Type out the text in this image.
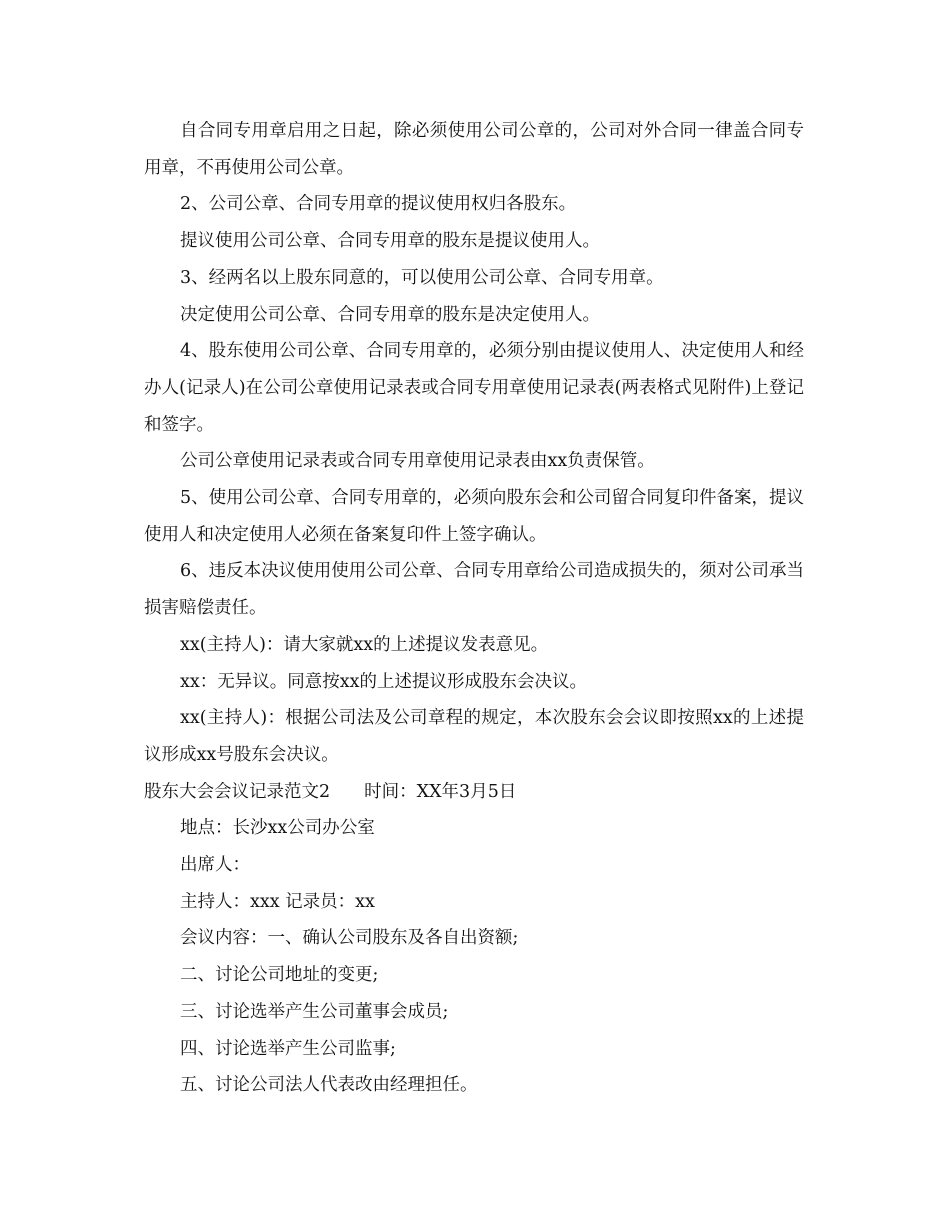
自合同专用章启用之日起，除必须使用公司公章的，公司对外合同一律盖合同专用章，不再使用公司公章。

2、公司公章、合同专用章的提议使用权归各股东。

提议使用公司公章、合同专用章的股东是提议使用人。

3、经两名以上股东同意的，可以使用公司公章、合同专用章。

决定使用公司公章、合同专用章的股东是决定使用人。

4、股东使用公司公章、合同专用章的，必须分别由提议使用人、决定使用人和经办人(记录人)在公司公章使用记录表或合同专用章使用记录表(两表格式见附件)上登记和签字。

公司公章使用记录表或合同专用章使用记录表由xx负责保管。

5、使用公司公章、合同专用章的，必须向股东会和公司留合同复印件备案，提议使用人和决定使用人必须在备案复印件上签字确认。

6、违反本决议使用使用公司公章、合同专用章给公司造成损失的，须对公司承当损害赔偿责任。

xx(主持人)：请大家就xx的上述提议发表意见。

xx：无异议。同意按xx的上述提议形成股东会决议。

xx(主持人)：根据公司法及公司章程的规定，本次股东会会议即按照xx的上述提议形成xx号股东会决议。

股东大会会议记录范文2 时间：XX年3月5日

地点：长沙xx公司办公室

出席人：

主持人：xxx 记录员：xx

会议内容：一、确认公司股东及各自出资额;

二、讨论公司地址的变更;

三、讨论选举产生公司董事会成员;

四、讨论选举产生公司监事;

五、讨论公司法人代表改由经理担任。
